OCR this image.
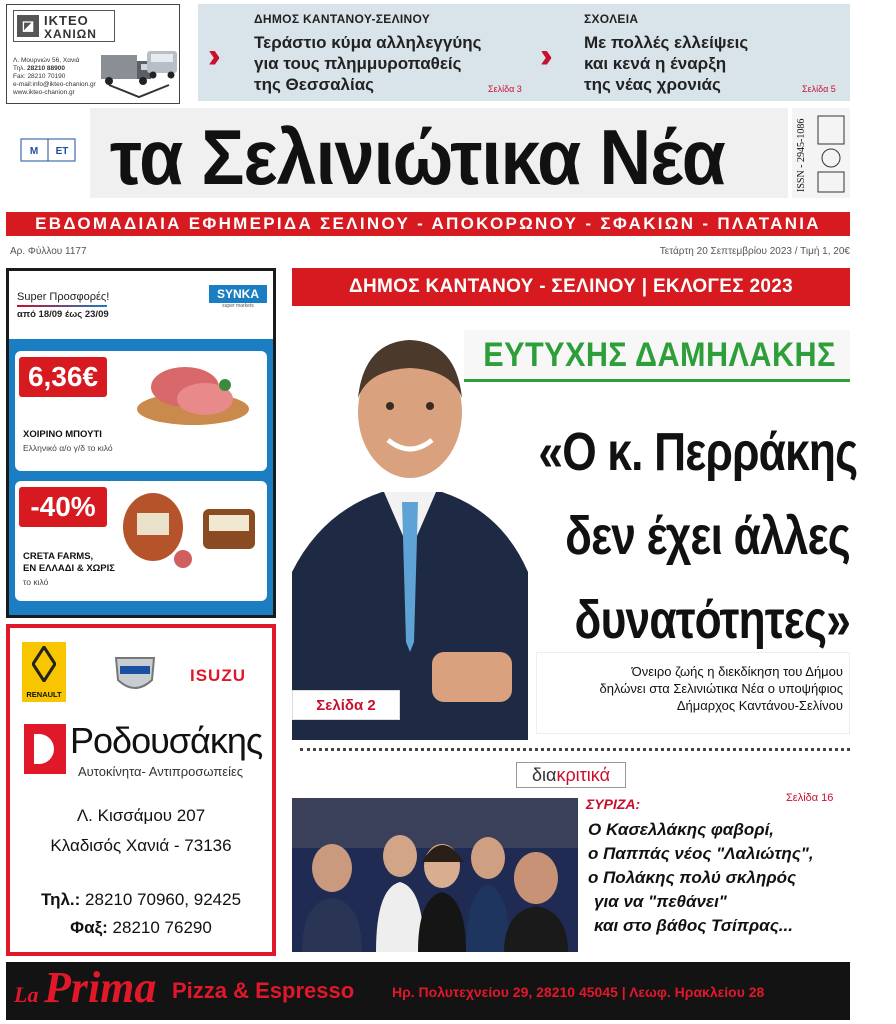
◪ ΙΚΤΕΟ
ΧΑΝΙΩΝ
Λ. Μουρνιών 56, Χανιά
Τηλ. 28210 88900
Fax: 28210 70190
e-mail:info@ikteo-chanion.gr
www.ikteo-chanion.gr
ΔΗΜΟΣ ΚΑΝΤΑΝΟΥ-ΣΕΛΙΝΟΥ
››	Τεράστιο κύμα αλληλεγγύης
για τους πλημμυροπαθείς
της Θεσσαλίας	Σελίδα 3
ΣΧΟΛΕΙΑ
›› Με πολλές ελλείψεις
και κενά η έναρξη
της νέας χρονιάς	Σελίδα 5
Μ ΕΤ τα Σελινιώτικα Νέα	ISSN - 2945-1086
ΕΒΔΟΜΑΔΙΑΙΑ ΕΦΗΜΕΡΙΔΑ ΣΕΛΙΝΟΥ - ΑΠΟΚΟΡΩΝΟΥ - ΣΦΑΚΙΩΝ - ΠΛΑΤΑΝΙΑ
Αρ. Φύλλου 1177	Τετάρτη 20 Σεπτεμβρίου 2023 / Τιμή 1, 20€
Super Προσφορές!
από 18/09 έως 23/09
SYNKA
super markets
6,36€
ΧΟΙΡΙΝΟ ΜΠΟΥΤΙ
Ελληνικό α/ο γ/δ το κιλό
-40%
CRETA FARMS,
ΕΝ ΕΛΛΑΔΙ & ΧΩΡΙΣ
το κιλό
RENAULT
ISUZU
Ροδουσάκης
Αυτοκίνητα- Αντιπροσωπείες
Λ. Κισσάμου 207
Κλαδισός Χανιά - 73136
Τηλ.: 28210 70960, 92425
Φαξ: 28210 76290
ΔΗΜΟΣ ΚΑΝΤΑΝΟΥ - ΣΕΛΙΝΟΥ | ΕΚΛΟΓΕΣ 2023
ΕΥΤΥΧΗΣ ΔΑΜΗΛΑΚΗΣ
«Ο κ. Περράκης
δεν έχει άλλες
δυνατότητες»
Όνειρο ζωής η διεκδίκηση του Δήμου
δηλώνει στα Σελινιώτικα Νέα ο υποψήφιος
Δήμαρχος Καντάνου-Σελίνου
Σελίδα 2
διακριτικά
ΣΥΡΙΖΑ:	Σελίδα 16
Ο Κασελλάκης φαβορί,
ο Παππάς νέος "Λαλιώτης",
ο Πολάκης πολύ σκληρός
για να "πεθάνει"
και στο βάθος Τσίπρας...
La Prima Pizza & Espresso	Ηρ. Πολυτεχνείου 29, 28210 45045 | Λεωφ. Ηρακλείου 28
